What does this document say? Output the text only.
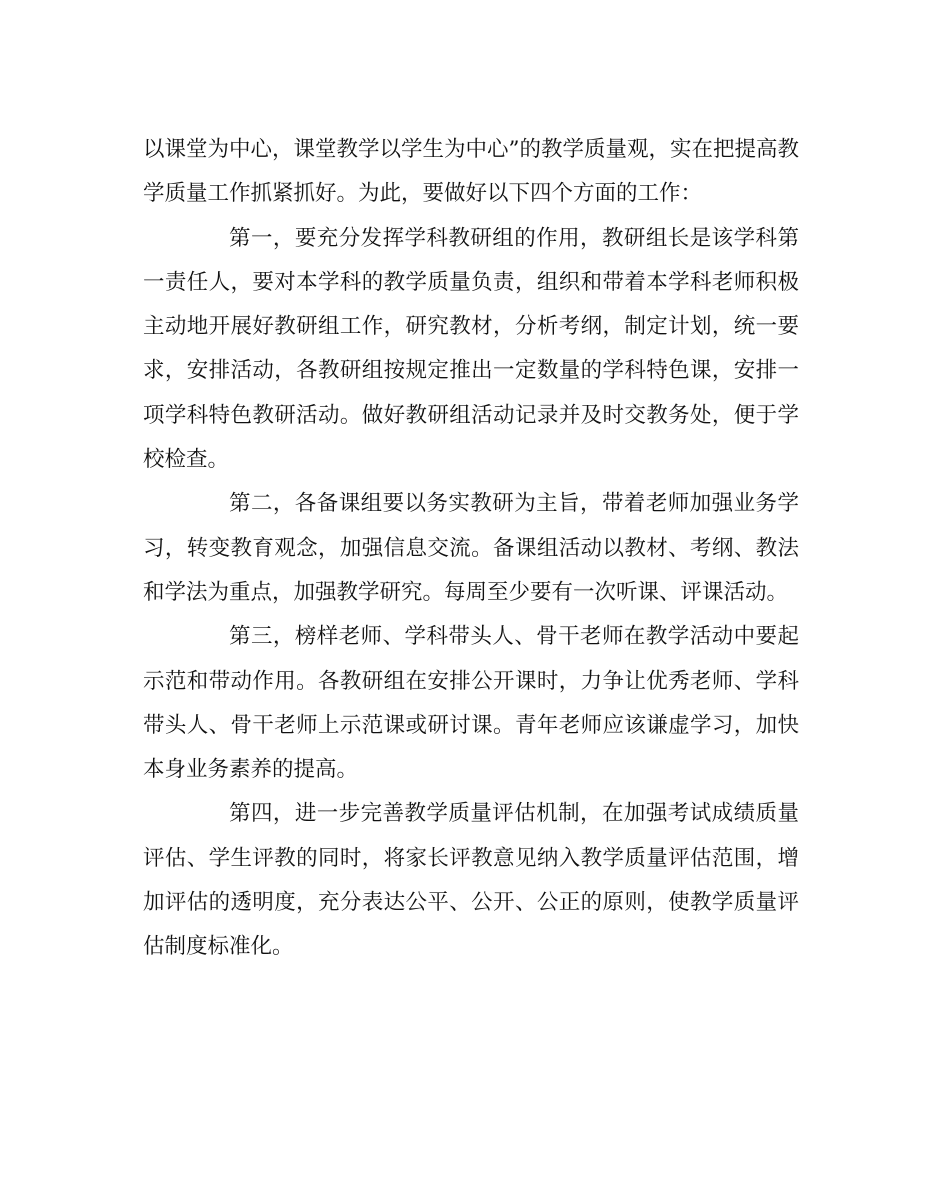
以课堂为中心，课堂教学以学生为中心”的教学质量观，实在把提高教学质量工作抓紧抓好。为此，要做好以下四个方面的工作：

第一，要充分发挥学科教研组的作用，教研组长是该学科第一责任人，要对本学科的教学质量负责，组织和带着本学科老师积极主动地开展好教研组工作，研究教材，分析考纲，制定计划，统一要求，安排活动，各教研组按规定推出一定数量的学科特色课，安排一项学科特色教研活动。做好教研组活动记录并及时交教务处，便于学校检查。

第二，各备课组要以务实教研为主旨，带着老师加强业务学习，转变教育观念，加强信息交流。备课组活动以教材、考纲、教法和学法为重点，加强教学研究。每周至少要有一次听课、评课活动。

第三，榜样老师、学科带头人、骨干老师在教学活动中要起示范和带动作用。各教研组在安排公开课时，力争让优秀老师、学科带头人、骨干老师上示范课或研讨课。青年老师应该谦虚学习，加快本身业务素养的提高。

第四，进一步完善教学质量评估机制，在加强考试成绩质量评估、学生评教的同时，将家长评教意见纳入教学质量评估范围，增加评估的透明度，充分表达公平、公开、公正的原则，使教学质量评估制度标准化。
